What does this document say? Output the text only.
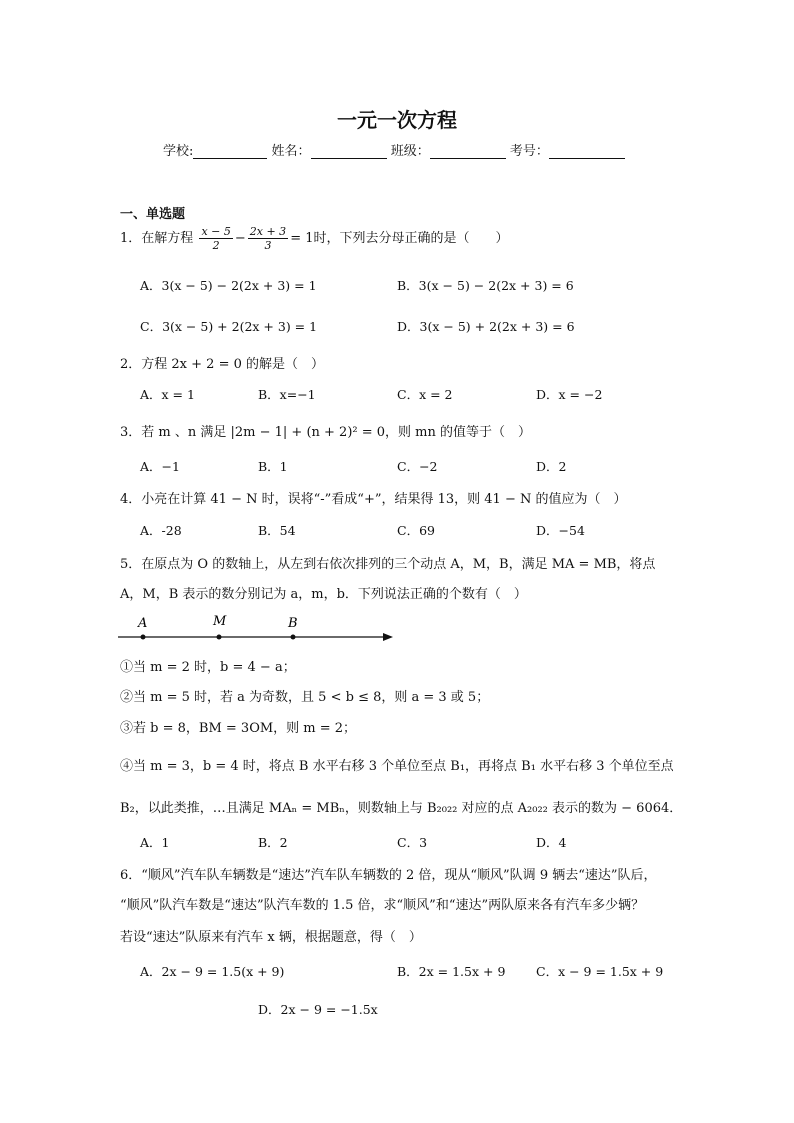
一元一次方程
学校:	姓名：	班级：	考号：
一、单选题
1．在解方程 $\frac{x - 5}{2} - \frac{2x + 3}{3} = 1$时，下列去分母正确的是（　　）
A．3(x − 5) − 2(2x + 3) = 1	B．3(x − 5) − 2(2x + 3) = 6
C．3(x − 5) + 2(2x + 3) = 1	D．3(x − 5) + 2(2x + 3) = 6
2．方程 2x + 2 = 0 的解是（　）
A．x = 1	B．x=−1	C．x = 2	D．x = −2
3．若 m 、n 满足 |2m − 1| + (n + 2)² = 0，则 mn 的值等于（　）
A．−1	B．1	C．−2	D．2
4．小亮在计算 41 − N 时，误将“-”看成“+”，结果得 13，则 41 − N 的值应为（　）
A．-28	B．54	C．69	D．−54
5．在原点为 O 的数轴上，从左到右依次排列的三个动点 A，M，B，满足 MA = MB，将点
A，M，B 表示的数分别记为 a，m，b．下列说法正确的个数有（　）
A	M	B
①当 m = 2 时，b = 4 − a；
②当 m = 5 时，若 a 为奇数，且 5 < b ≤ 8，则 a = 3 或 5；
③若 b = 8，BM = 3OM，则 m = 2；
④当 m = 3，b = 4 时，将点 B 水平右移 3 个单位至点 B₁，再将点 B₁ 水平右移 3 个单位至点
B₂，以此类推，…且满足 MAₙ = MBₙ，则数轴上与 B₂₀₂₂ 对应的点 A₂₀₂₂ 表示的数为 − 6064．
A．1	B．2	C．3	D．4
6．“顺风”汽车队车辆数是“速达”汽车队车辆数的 2 倍，现从“顺风”队调 9 辆去“速达”队后，
“顺风”队汽车数是“速达”队汽车数的 1.5 倍，求“顺风”和“速达”两队原来各有汽车多少辆？
若设“速达”队原来有汽车 x 辆，根据题意，得（　）
A．2x − 9 = 1.5(x + 9)	B．2x = 1.5x + 9 C．x − 9 = 1.5x + 9
D．2x − 9 = −1.5x
